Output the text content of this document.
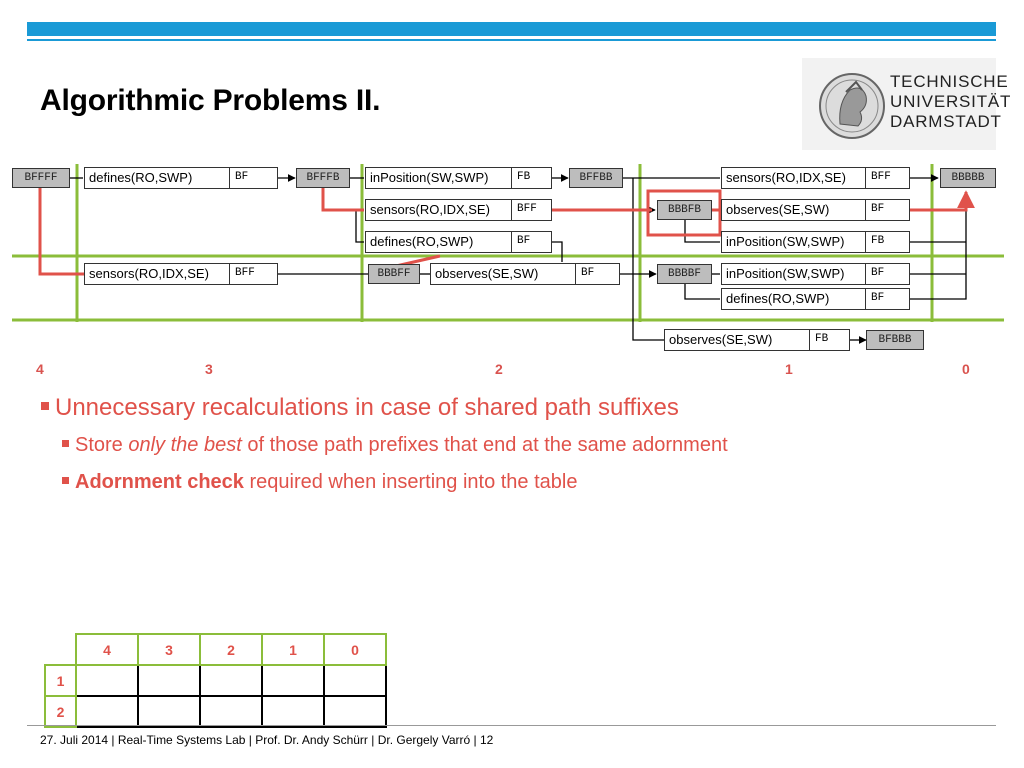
Algorithmic Problems II.
TECHNISCHE
UNIVERSITÄT
DARMSTADT
BFFFF	BFFFB	BFFBB	BBBBB
BBBFB
BBBFF	BBBBF
BFBBB
defines(RO,SWP)	BF	inPosition(SW,SWP)	FB	sensors(RO,IDX,SE)	BFF
sensors(RO,IDX,SE)	BFF	observes(SE,SW)	BF
defines(RO,SWP)	BF	inPosition(SW,SWP)	FB
sensors(RO,IDX,SE)	BFF	observes(SE,SW)	BF	inPosition(SW,SWP)	BF
defines(RO,SWP)	BF
observes(SE,SW)	FB
4	3	2	1	0
Unnecessary recalculations in case of shared path suffixes
Store only the best of those path prefixes that end at the same adornment
Adornment check required when inserting into the table
	4	3	2	1	0
1					
2					
27. Juli 2014 | Real-Time Systems Lab | Prof. Dr. Andy Schürr | Dr. Gergely Varró | 12
